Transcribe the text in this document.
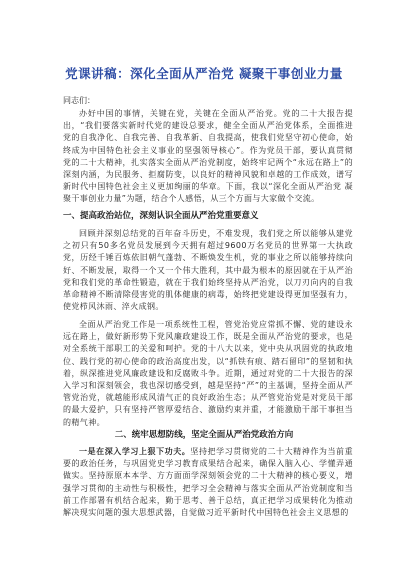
党课讲稿：深化全面从严治党 凝聚干事创业力量
同志们：

办好中国的事情，关键在党，关键在全面从严治党。党的二十大报告提出，“我们要落实新时代党的建设总要求，健全全面从严治党体系，全面推进党的自我净化、自我完善、自我革新、自我提高，使我们党坚守初心使命，始终成为中国特色社会主义事业的坚强领导核心”。作为党员干部，要认真贯彻党的二十大精神，扎实落实全面从严治党制度，始终牢记两个“永远在路上”的深刻内涵，为民服务、拒腐防变，以良好的精神风貌和卓越的工作成效，谱写新时代中国特色社会主义更加绚丽的华章。下面，我以“深化全面从严治党 凝聚干事创业力量”为题，结合个人感悟，从三个方面与大家做个交流。

一、提高政治站位，深刻认识全面从严治党重要意义

回顾并深刻总结党的百年奋斗历史，不难发现，我们党之所以能够从建党之初只有50多名党员发展到今天拥有超过9600万名党员的世界第一大执政党，历经千锤百炼依旧朝气蓬勃、不断焕发生机，党的事业之所以能够持续向好、不断发展，取得一个又一个伟大胜利，其中最为根本的原因就在于从严治党和我们党的革命性锻造，就在于我们始终坚持从严治党，以刀刃向内的自我革命精神不断清除侵害党的肌体健康的病毒，始终把党建设得更加坚强有力，使党栉风沐雨、淬火成钢。

全面从严治党工作是一项系统性工程，管党治党应常抓不懈、党的建设永远在路上，做好新形势下党风廉政建设工作，既是全面从严治党的要求，也是对全系统干部职工的关爱和呵护。党的十八大以来，党中央从巩固党的执政地位、践行党的初心使命的政治高度出发，以“抓铁有痕、踏石留印”的坚韧和执着，纵深推进党风廉政建设和反腐败斗争。近期，通过对党的二十大报告的深入学习和深刻领会，我也深切感受到，越是坚持“严”的主基调，坚持全面从严管党治党，就越能形成风清气正的良好政治生态；从严管党治党是对党员干部的最大爱护，只有坚持严管厚爱结合、激励约束并重，才能激励干部干事担当的精气神。

二、统牢思想防线，坚定全面从严治党政治方向

一是在深入学习上狠下功夫。坚持把学习贯彻党的二十大精神作为当前重要的政治任务，与巩固党史学习教育成果结合起来，确保入脑入心、学懂弄通做实。坚持原原本本学、方方面面学深刻领会党的二十大精神的核心要义，增强学习贯彻的主动性与积极性，把学习全会精神与落实全面从严治党制度和当前工作部署有机结合起来，勤于思考、善于总结，真正把学习成果转化为推动解决现实问题的强大思想武器，自觉做习近平新时代中国特色社会主义思想的
